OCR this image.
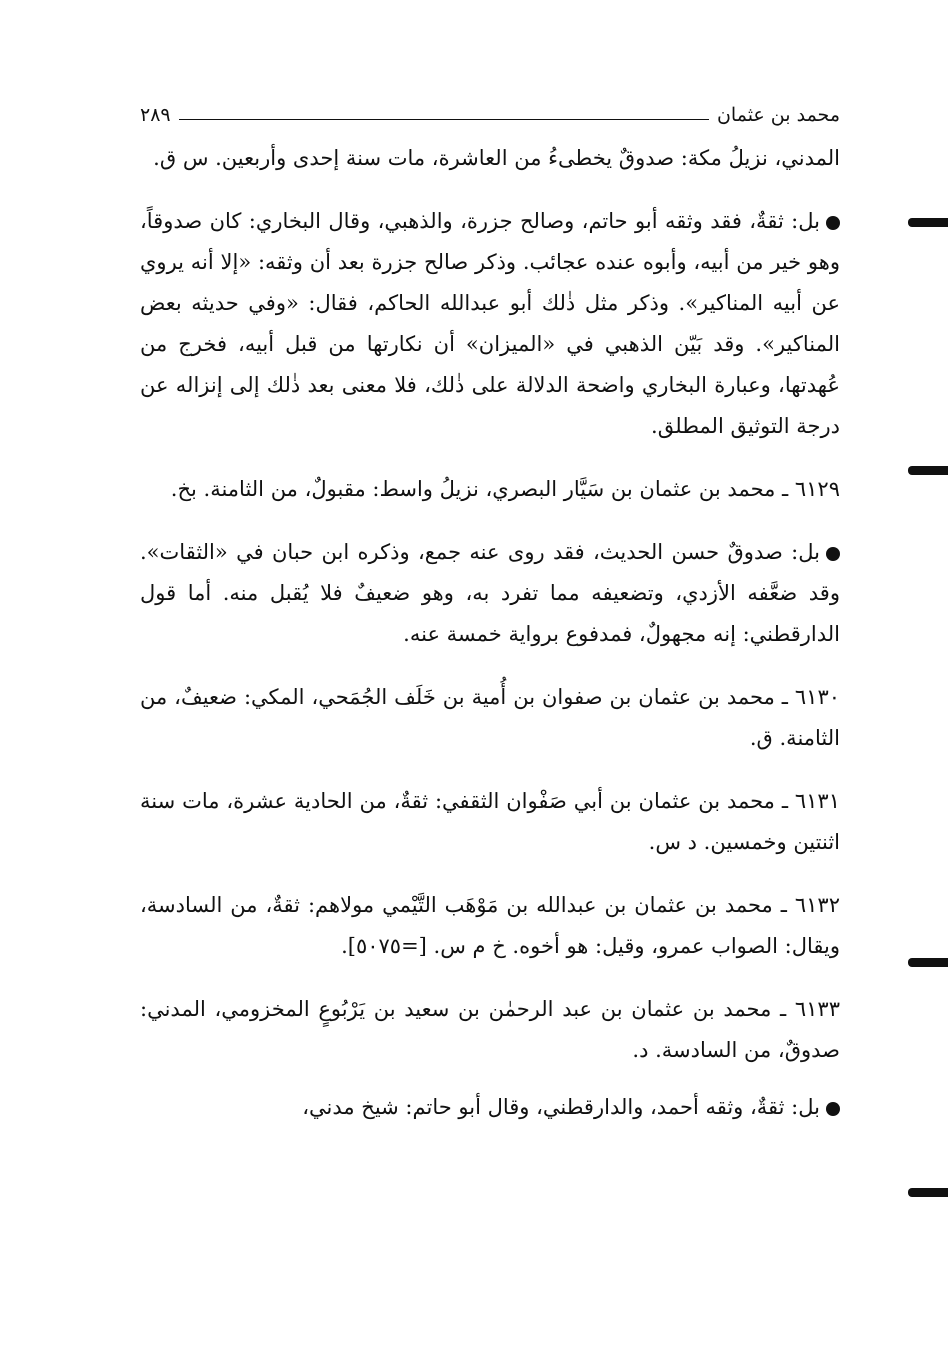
محمد بن عثمان
٢٨٩

المدني، نزيلُ مكة: صدوقٌ يخطىءُ من العاشرة، مات سنة إحدى وأربعين. س ق.

بل: ثقةٌ، فقد وثقه أبو حاتم، وصالح جزرة، والذهبي، وقال البخاري: كان صدوقاً، وهو خير من أبيه، وأبوه عنده عجائب. وذكر صالح جزرة بعد أن وثقه: «إلا أنه يروي عن أبيه المناكير». وذكر مثل ذٰلك أبو عبدالله الحاكم، فقال: «وفي حديثه بعض المناكير». وقد بَيّن الذهبي في «الميزان» أن نكارتها من قبل أبيه، فخرج من عُهدتها، وعبارة البخاري واضحة الدلالة على ذٰلك، فلا معنى بعد ذٰلك إلى إنزاله عن درجة التوثيق المطلق.

٦١٢٩ ـ محمد بن عثمان بن سَيَّار البصري، نزيلُ واسط: مقبولٌ، من الثامنة. بخ.

بل: صدوقٌ حسن الحديث، فقد روى عنه جمع، وذكره ابن حبان في «الثقات». وقد ضعَّفه الأزدي، وتضعيفه مما تفرد به، وهو ضعيفٌ فلا يُقبل منه. أما قول الدارقطني: إنه مجهولٌ، فمدفوع برواية خمسة عنه.

٦١٣٠ ـ محمد بن عثمان بن صفوان بن أُمية بن خَلَف الجُمَحي، المكي: ضعيفٌ، من الثامنة. ق.

٦١٣١ ـ محمد بن عثمان بن أبي صَفْوان الثقفي: ثقةٌ، من الحادية عشرة، مات سنة اثنتين وخمسين. د س.

٦١٣٢ ـ محمد بن عثمان بن عبدالله بن مَوْهَب التَّيْمي مولاهم: ثقةٌ، من السادسة، ويقال: الصواب عمرو، وقيل: هو أخوه. خ م س. [=٥٠٧٥].

٦١٣٣ ـ محمد بن عثمان بن عبد الرحمٰن بن سعيد بن يَرْبُوعٍ المخزومي، المدني: صدوقٌ، من السادسة. د.

بل: ثقةٌ، وثقه أحمد، والدارقطني، وقال أبو حاتم: شيخ مدني،
